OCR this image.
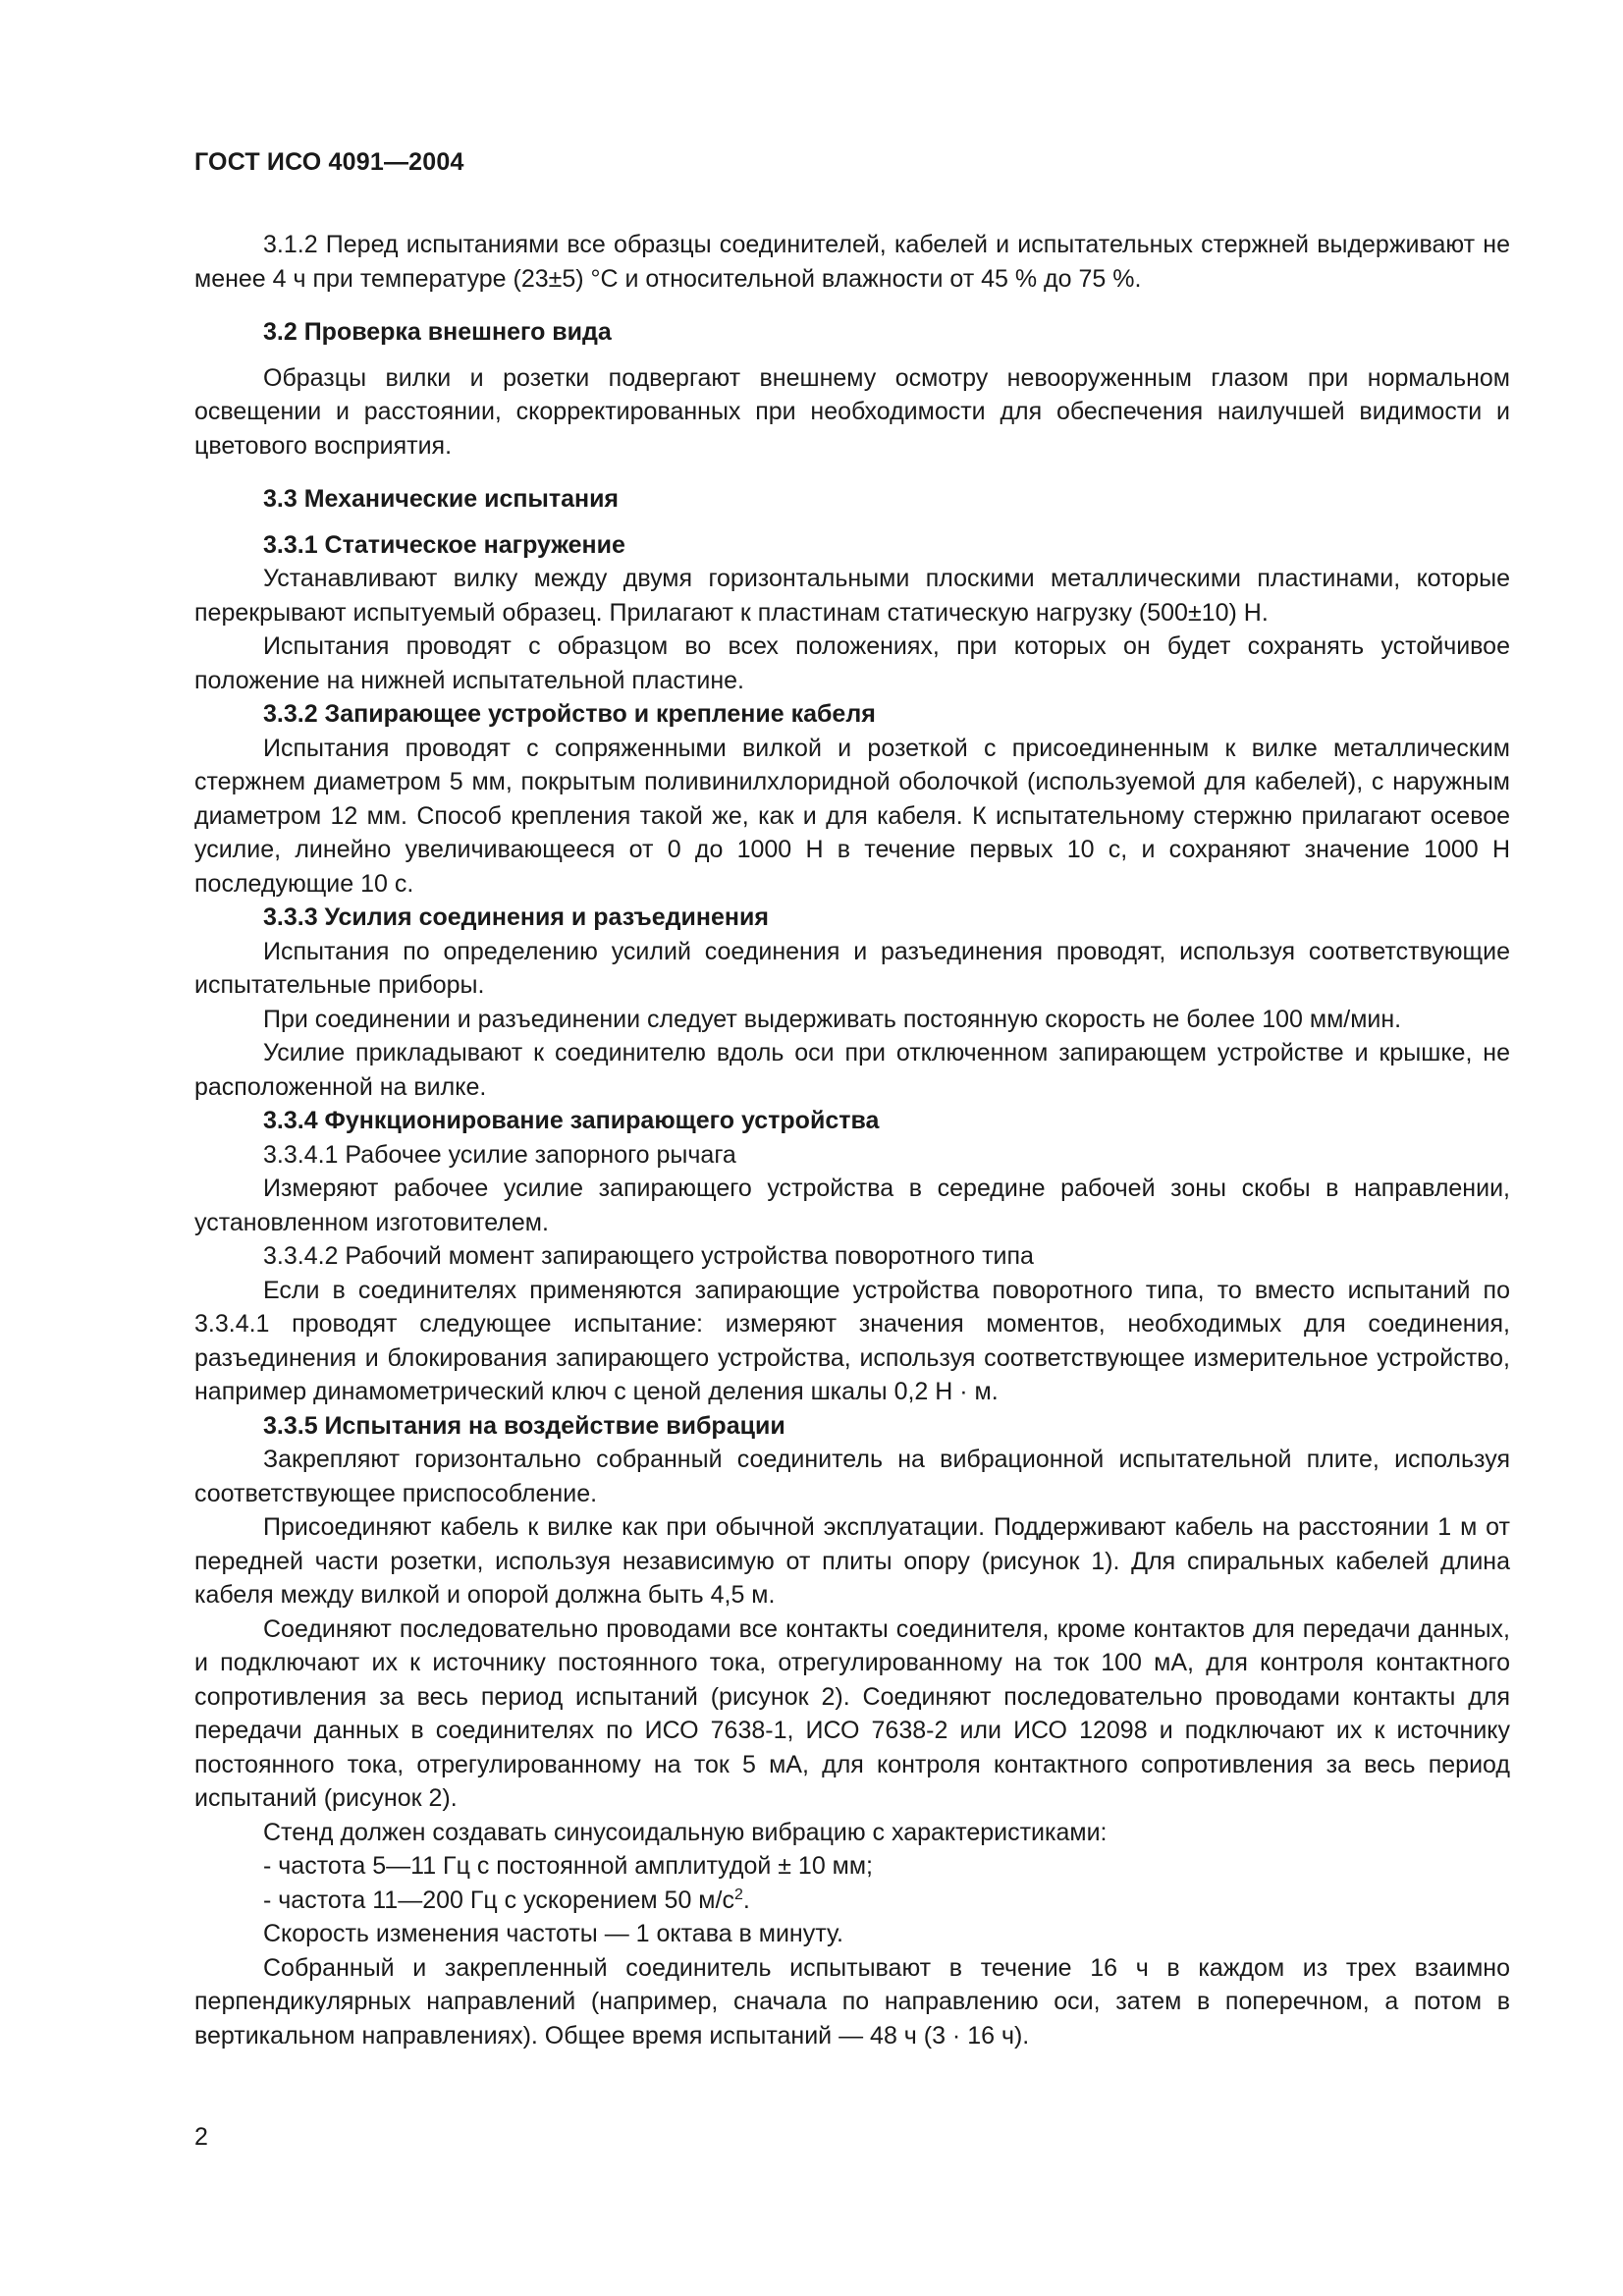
ГОСТ ИСО 4091—2004

3.1.2 Перед испытаниями все образцы соединителей, кабелей и испытательных стержней выдерживают не менее 4 ч при температуре (23±5) °С и относительной влажности от 45 % до 75 %.

3.2 Проверка внешнего вида

Образцы вилки и розетки подвергают внешнему осмотру невооруженным глазом при нормальном освещении и расстоянии, скорректированных при необходимости для обеспечения наилучшей видимости и цветового восприятия.

3.3 Механические испытания
3.3.1 Статическое нагружение

Устанавливают вилку между двумя горизонтальными плоскими металлическими пластинами, которые перекрывают испытуемый образец. Прилагают к пластинам статическую нагрузку (500±10) Н.

Испытания проводят с образцом во всех положениях, при которых он будет сохранять устойчивое положение на нижней испытательной пластине.

3.3.2 Запирающее устройство и крепление кабеля

Испытания проводят с сопряженными вилкой и розеткой с присоединенным к вилке металлическим стержнем диаметром 5 мм, покрытым поливинилхлоридной оболочкой (используемой для кабелей), с наружным диаметром 12 мм. Способ крепления такой же, как и для кабеля. К испытательному стержню прилагают осевое усилие, линейно увеличивающееся от 0 до 1000 Н в течение первых 10 с, и сохраняют значение 1000 Н последующие 10 с.

3.3.3 Усилия соединения и разъединения

Испытания по определению усилий соединения и разъединения проводят, используя соответствующие испытательные приборы.

При соединении и разъединении следует выдерживать постоянную скорость не более 100 мм/мин.

Усилие прикладывают к соединителю вдоль оси при отключенном запирающем устройстве и крышке, не расположенной на вилке.

3.3.4 Функционирование запирающего устройства

3.3.4.1 Рабочее усилие запорного рычага

Измеряют рабочее усилие запирающего устройства в середине рабочей зоны скобы в направлении, установленном изготовителем.

3.3.4.2 Рабочий момент запирающего устройства поворотного типа

Если в соединителях применяются запирающие устройства поворотного типа, то вместо испытаний по 3.3.4.1 проводят следующее испытание: измеряют значения моментов, необходимых для соединения, разъединения и блокирования запирающего устройства, используя соответствующее измерительное устройство, например динамометрический ключ с ценой деления шкалы 0,2 Н · м.

3.3.5 Испытания на воздействие вибрации

Закрепляют горизонтально собранный соединитель на вибрационной испытательной плите, используя соответствующее приспособление.

Присоединяют кабель к вилке как при обычной эксплуатации. Поддерживают кабель на расстоянии 1 м от передней части розетки, используя независимую от плиты опору (рисунок 1). Для спиральных кабелей длина кабеля между вилкой и опорой должна быть 4,5 м.

Соединяют последовательно проводами все контакты соединителя, кроме контактов для передачи данных, и подключают их к источнику постоянного тока, отрегулированному на ток 100 мА, для контроля контактного сопротивления за весь период испытаний (рисунок 2). Соединяют последовательно проводами контакты для передачи данных в соединителях по ИСО 7638-1, ИСО 7638-2 или ИСО 12098 и подключают их к источнику постоянного тока, отрегулированному на ток 5 мА, для контроля контактного сопротивления за весь период испытаний (рисунок 2).

Стенд должен создавать синусоидальную вибрацию с характеристиками:

- частота 5—11 Гц с постоянной амплитудой ± 10 мм;

- частота 11—200 Гц с ускорением 50 $м/с^2$.

Скорость изменения частоты — 1 октава в минуту.

Собранный и закрепленный соединитель испытывают в течение 16 ч в каждом из трех взаимно перпендикулярных направлений (например, сначала по направлению оси, затем в поперечном, а потом в вертикальном направлениях). Общее время испытаний — 48 ч (3 · 16 ч).

2
